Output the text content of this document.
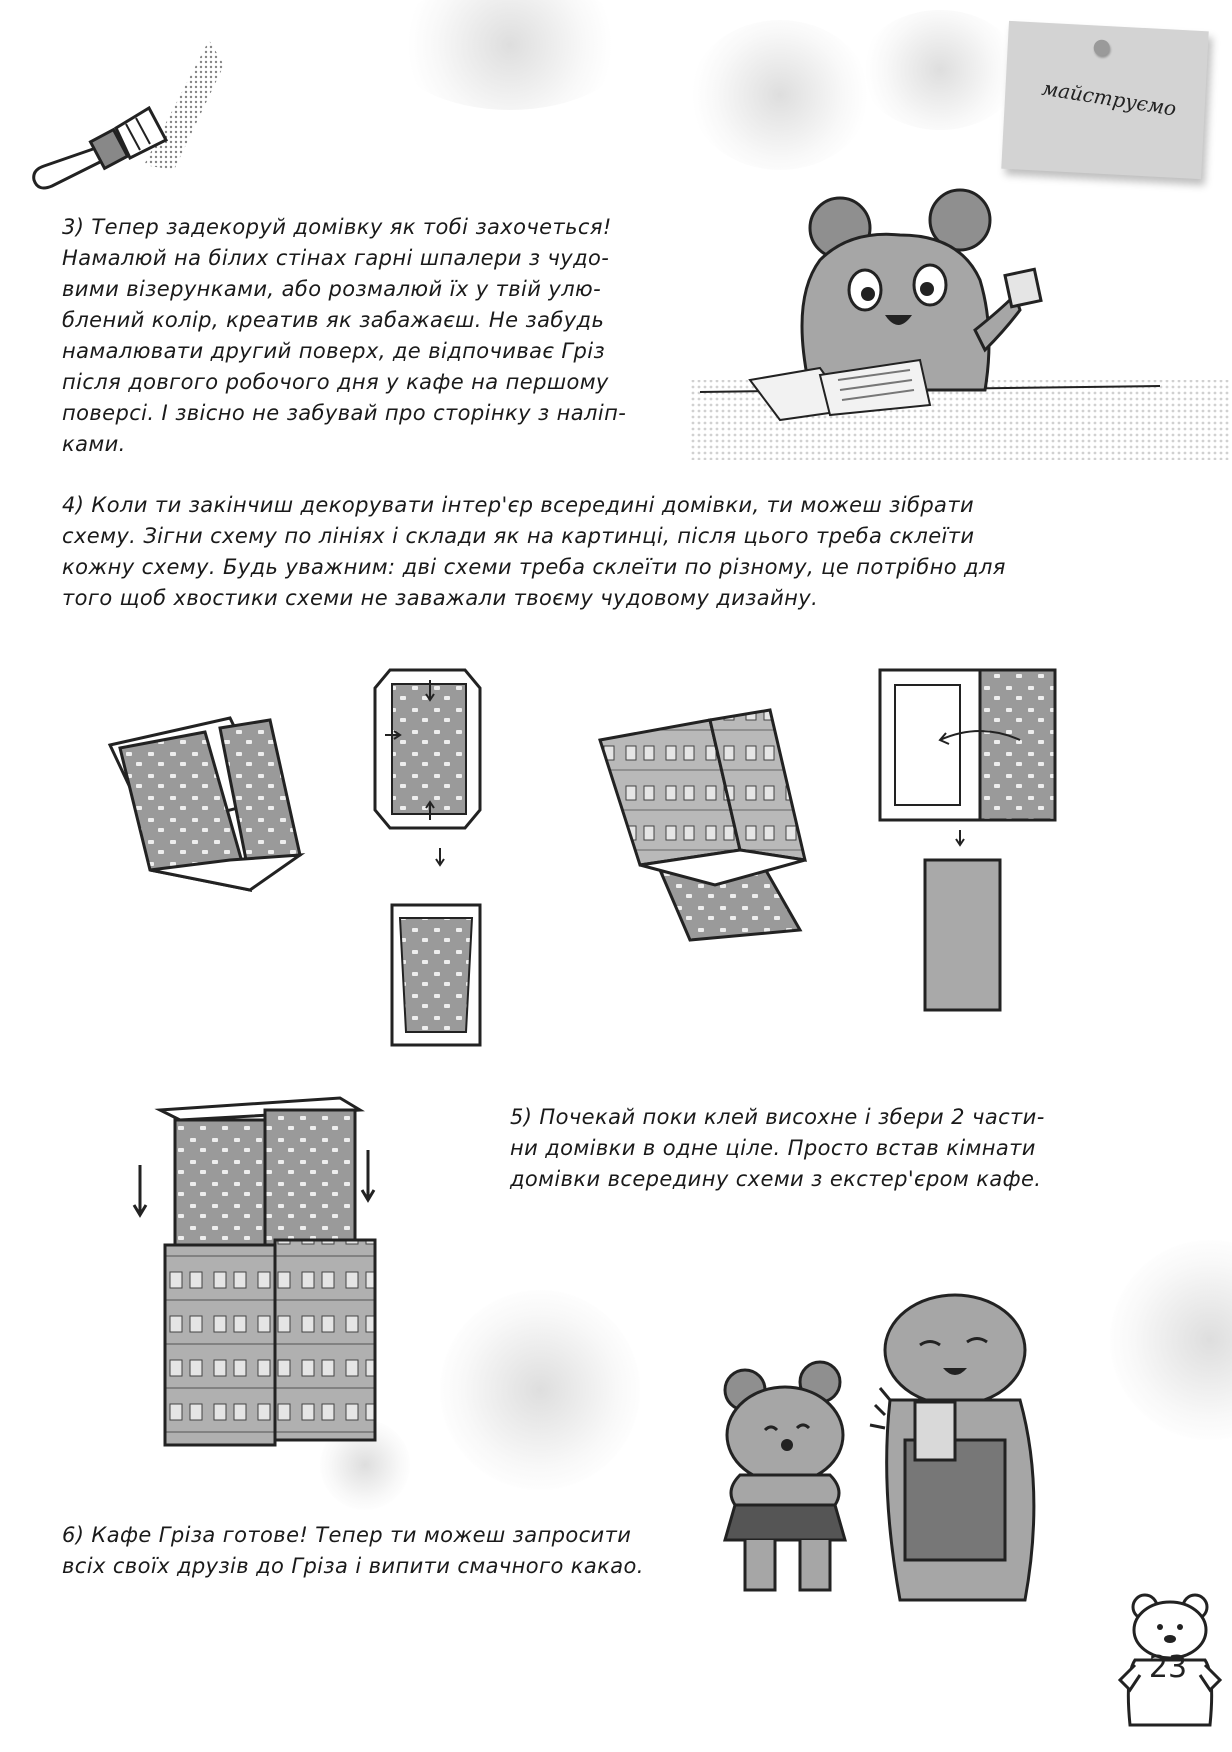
майструємо
3) Тепер задекоруй домівку як тобі захочеться!
Намалюй на білих стінах гарні шпалери з чудо-
вими візерунками, або розмалюй їх у твій улю-
блений колір, креатив як забажаєш. Не забудь
намалювати другий поверх, де відпочиває Гріз
після довгого робочого дня у кафе на першому
поверсі. І звісно не забувай про сторінку з наліп-
ками.
4) Коли ти закінчиш декорувати інтер'єр всередині домівки, ти можеш зібрати
схему. Зігни схему по лініях і склади як на картинці, після цього треба склеїти
кожну схему. Будь уважним: дві схеми треба склеїти по різному, це потрібно для
того щоб хвостики схеми не заважали твоєму чудовому дизайну.
5) Почекай поки клей висохне і збери 2 части-
ни домівки в одне ціле. Просто встав кімнати
домівки всередину схеми з екстер'єром кафе.
6) Кафе Гріза готове! Тепер ти можеш запросити
всіх своїх друзів до Гріза і випити смачного какао.
23
